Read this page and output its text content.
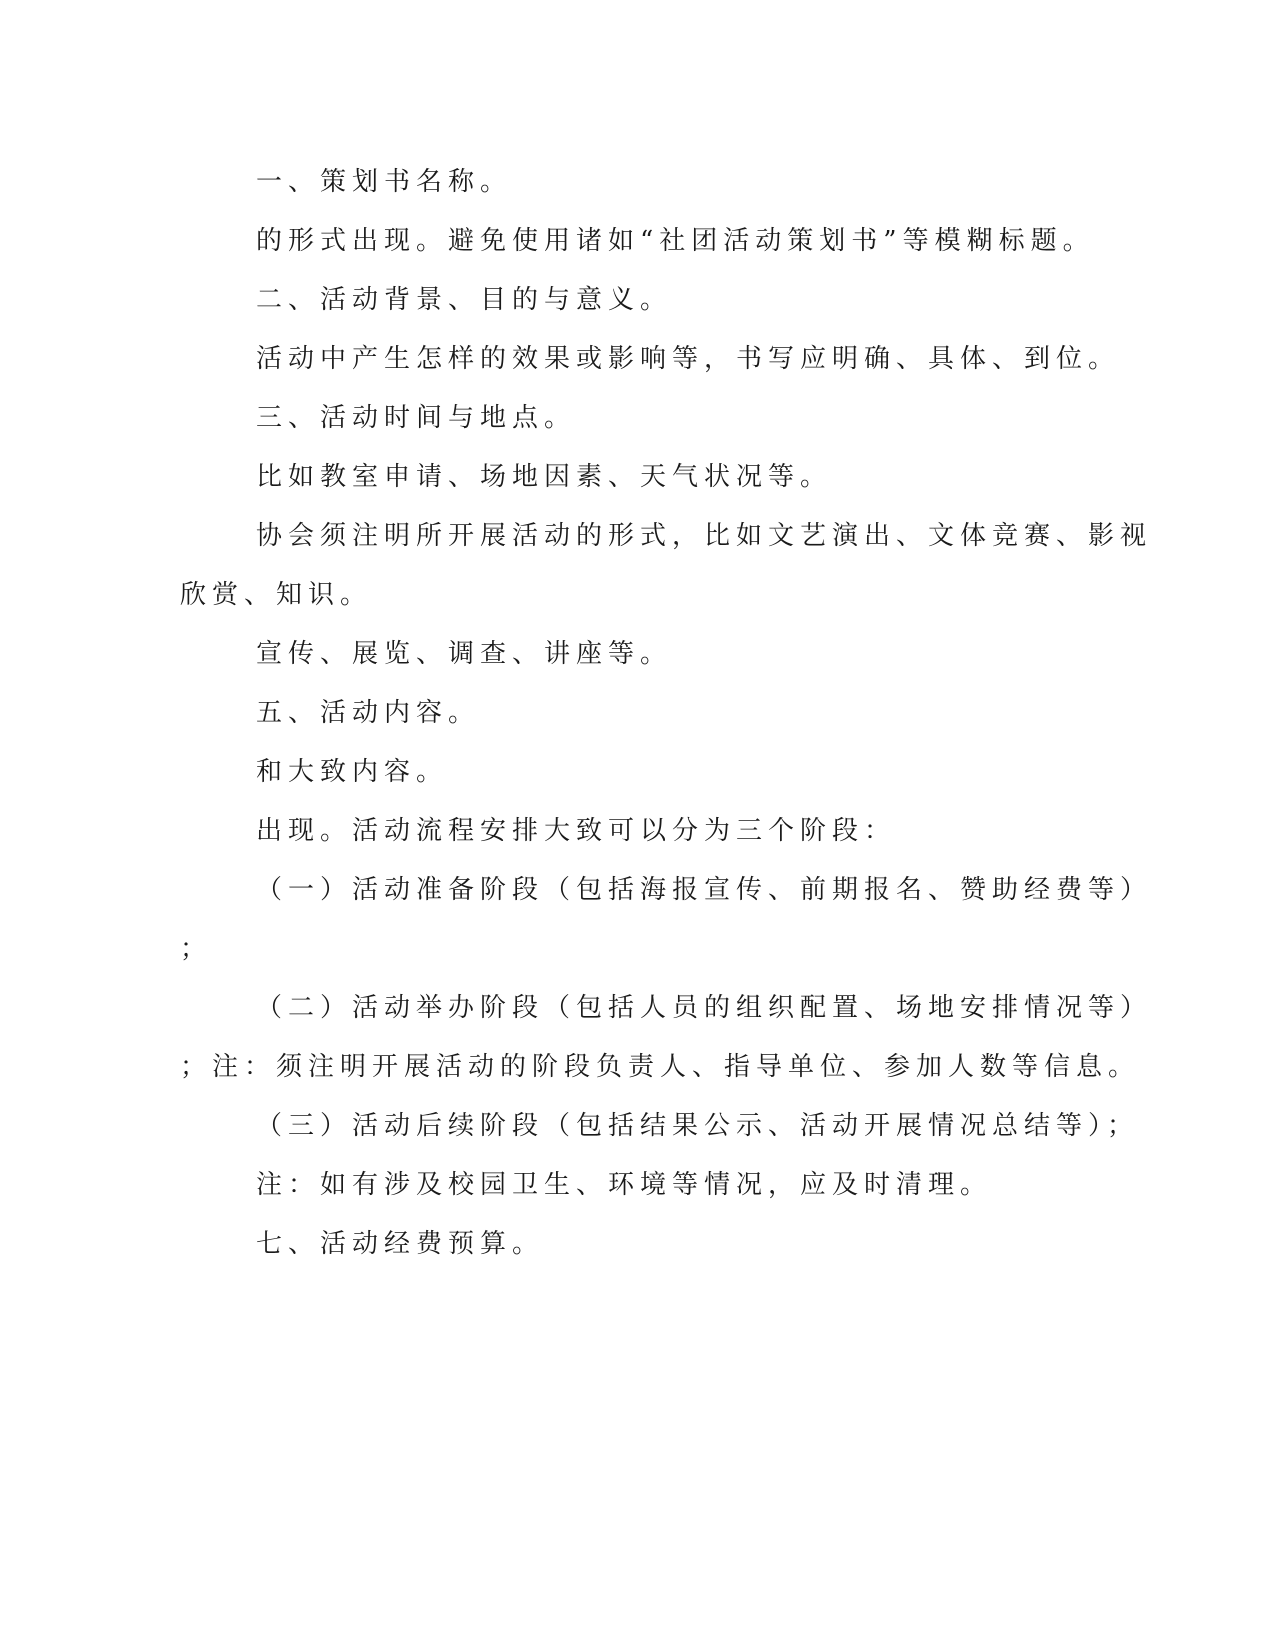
一、策划书名称。
的形式出现。避免使用诸如“社团活动策划书”等模糊标题。
二、活动背景、目的与意义。
活动中产生怎样的效果或影响等，书写应明确、具体、到位。
三、活动时间与地点。
比如教室申请、场地因素、天气状况等。
协会须注明所开展活动的形式，比如文艺演出、文体竞赛、影视
欣赏、知识。
宣传、展览、调查、讲座等。
五、活动内容。
和大致内容。
出现。活动流程安排大致可以分为三个阶段：
（一）活动准备阶段（包括海报宣传、前期报名、赞助经费等）
；
（二）活动举办阶段（包括人员的组织配置、场地安排情况等）
；注：须注明开展活动的阶段负责人、指导单位、参加人数等信息。
（三）活动后续阶段（包括结果公示、活动开展情况总结等）；
注：如有涉及校园卫生、环境等情况，应及时清理。
七、活动经费预算。
